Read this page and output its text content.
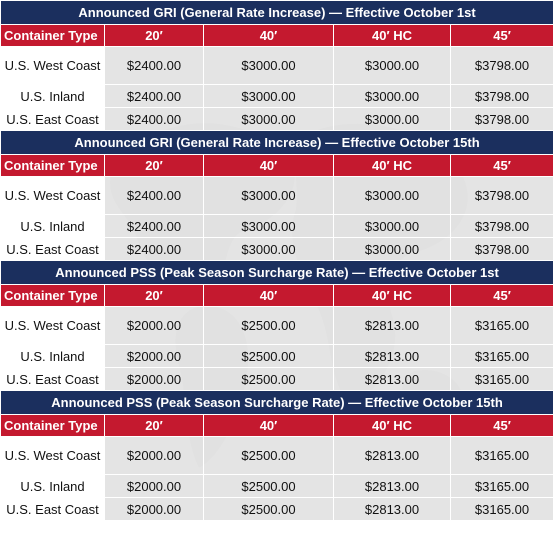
Announced GRI (General Rate Increase) — Effective October 1st				
Container Type	20′	40′	40′ HC	45′
U.S. West Coast	$2400.00	$3000.00	$3000.00	$3798.00
U.S. Inland	$2400.00	$3000.00	$3000.00	$3798.00
U.S. East Coast	$2400.00	$3000.00	$3000.00	$3798.00
Announced GRI (General Rate Increase) — Effective October 15th				
Container Type	20′	40′	40′ HC	45′
U.S. West Coast	$2400.00	$3000.00	$3000.00	$3798.00
U.S. Inland	$2400.00	$3000.00	$3000.00	$3798.00
U.S. East Coast	$2400.00	$3000.00	$3000.00	$3798.00
Announced PSS (Peak Season Surcharge Rate) — Effective October 1st				
Container Type	20′	40′	40′ HC	45′
U.S. West Coast	$2000.00	$2500.00	$2813.00	$3165.00
U.S. Inland	$2000.00	$2500.00	$2813.00	$3165.00
U.S. East Coast	$2000.00	$2500.00	$2813.00	$3165.00
Announced PSS (Peak Season Surcharge Rate) — Effective October 15th				
Container Type	20′	40′	40′ HC	45′
U.S. West Coast	$2000.00	$2500.00	$2813.00	$3165.00
U.S. Inland	$2000.00	$2500.00	$2813.00	$3165.00
U.S. East Coast	$2000.00	$2500.00	$2813.00	$3165.00
